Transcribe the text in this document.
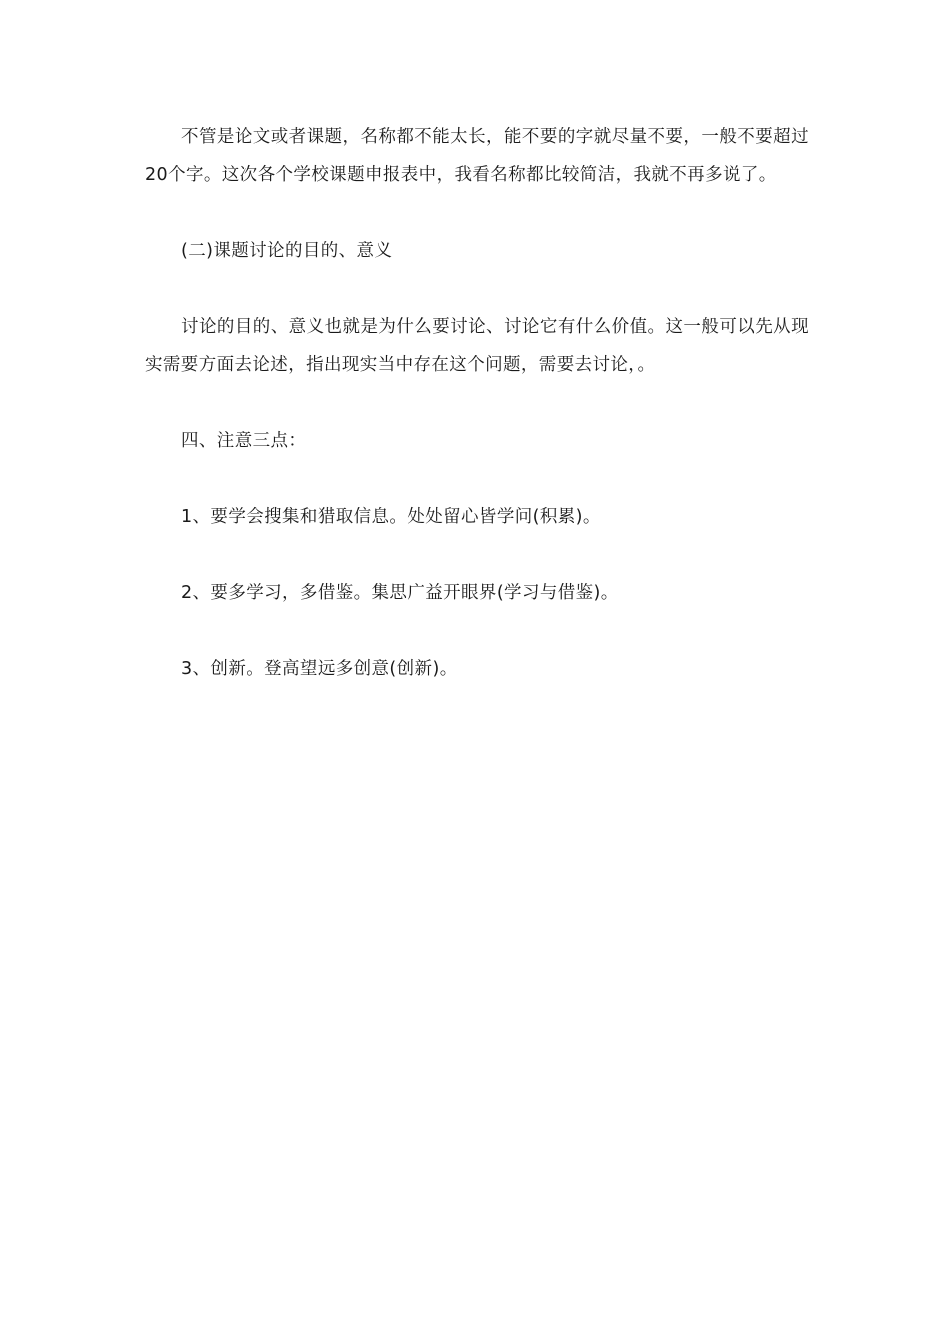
不管是论文或者课题，名称都不能太长，能不要的字就尽量不要，一般不要超过20个字。这次各个学校课题申报表中，我看名称都比较简洁，我就不再多说了。

(二)课题讨论的目的、意义

讨论的目的、意义也就是为什么要讨论、讨论它有什么价值。这一般可以先从现实需要方面去论述，指出现实当中存在这个问题，需要去讨论，。

四、注意三点：

1、要学会搜集和猎取信息。处处留心皆学问(积累)。

2、要多学习，多借鉴。集思广益开眼界(学习与借鉴)。

3、创新。登高望远多创意(创新)。
